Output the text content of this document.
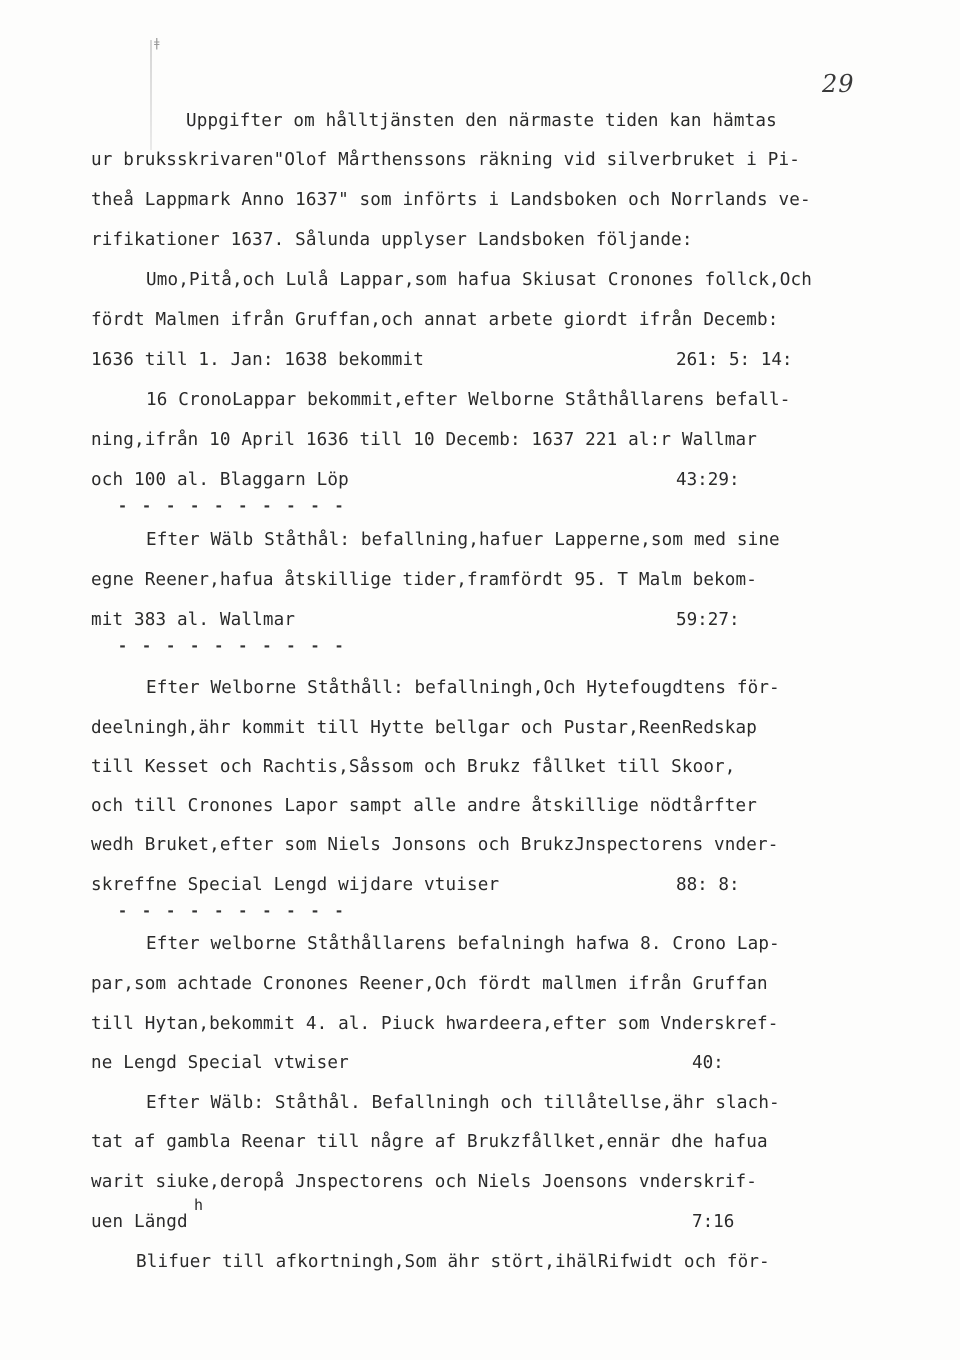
ǂ
29
Uppgifter om hålltjänsten den närmaste tiden kan hämtas
ur bruksskrivaren"Olof Mårthenssons räkning vid silverbruket i Pi-
theå Lappmark Anno 1637" som införts i Landsboken och Norrlands ve-
rifikationer 1637. Sålunda upplyser Landsboken följande:
Umo,Pitå,och Lulå Lappar,som hafua Skiusat Cronones follck,Och
fördt Malmen ifrån Gruffan,och annat arbete giordt ifrån Decemb:
1636 till 1. Jan: 1638 bekommit	261: 5: 14:
16 CronoLappar bekommit,efter Welborne Ståthållarens befall-
ning,ifrån 10 April 1636 till 10 Decemb: 1637 221 al:r Wallmar
och 100 al. Blaggarn Löp	43:29:
- - - - - - - - - -
Efter Wälb Ståthål: befallning,hafuer Lapperne,som med sine
egne Reener,hafua åtskillige tider,framfördt 95. T Malm bekom-
mit 383 al. Wallmar	59:27:
- - - - - - - - - -
Efter Welborne Ståthåll: befallningh,Och Hytefougdtens för-
deelningh,ähr kommit till Hytte bellgar och Pustar,ReenRedskap
till Kesset och Rachtis,Såssom och Brukz fållket till Skoor,
och till Cronones Lapor sampt alle andre åtskillige nödtårfter
wedh Bruket,efter som Niels Jonsons och BrukzJnspectorens vnder-
skreffne Special Lengd wijdare vtuiser	88: 8:
- - - - - - - - - -
Efter welborne Ståthållarens befalningh hafwa 8. Crono Lap-
par,som achtade Cronones Reener,Och fördt mallmen ifrån Gruffan
till Hytan,bekommit 4. al. Piuck hwardeera,efter som Vnderskref-
ne Lengd Special vtwiser	40:
Efter Wälb: Ståthål. Befallningh och tillåtellse,ähr slach-
tat af gambla Reenar till någre af Brukzfållket,ennär dhe hafua
warit siuke,deropå Jnspectorens och Niels Joensons vnderskrif-
h
uen Längd	7:16
Blifuer till afkortningh,Som ähr stört,ihälRifwidt och för-
